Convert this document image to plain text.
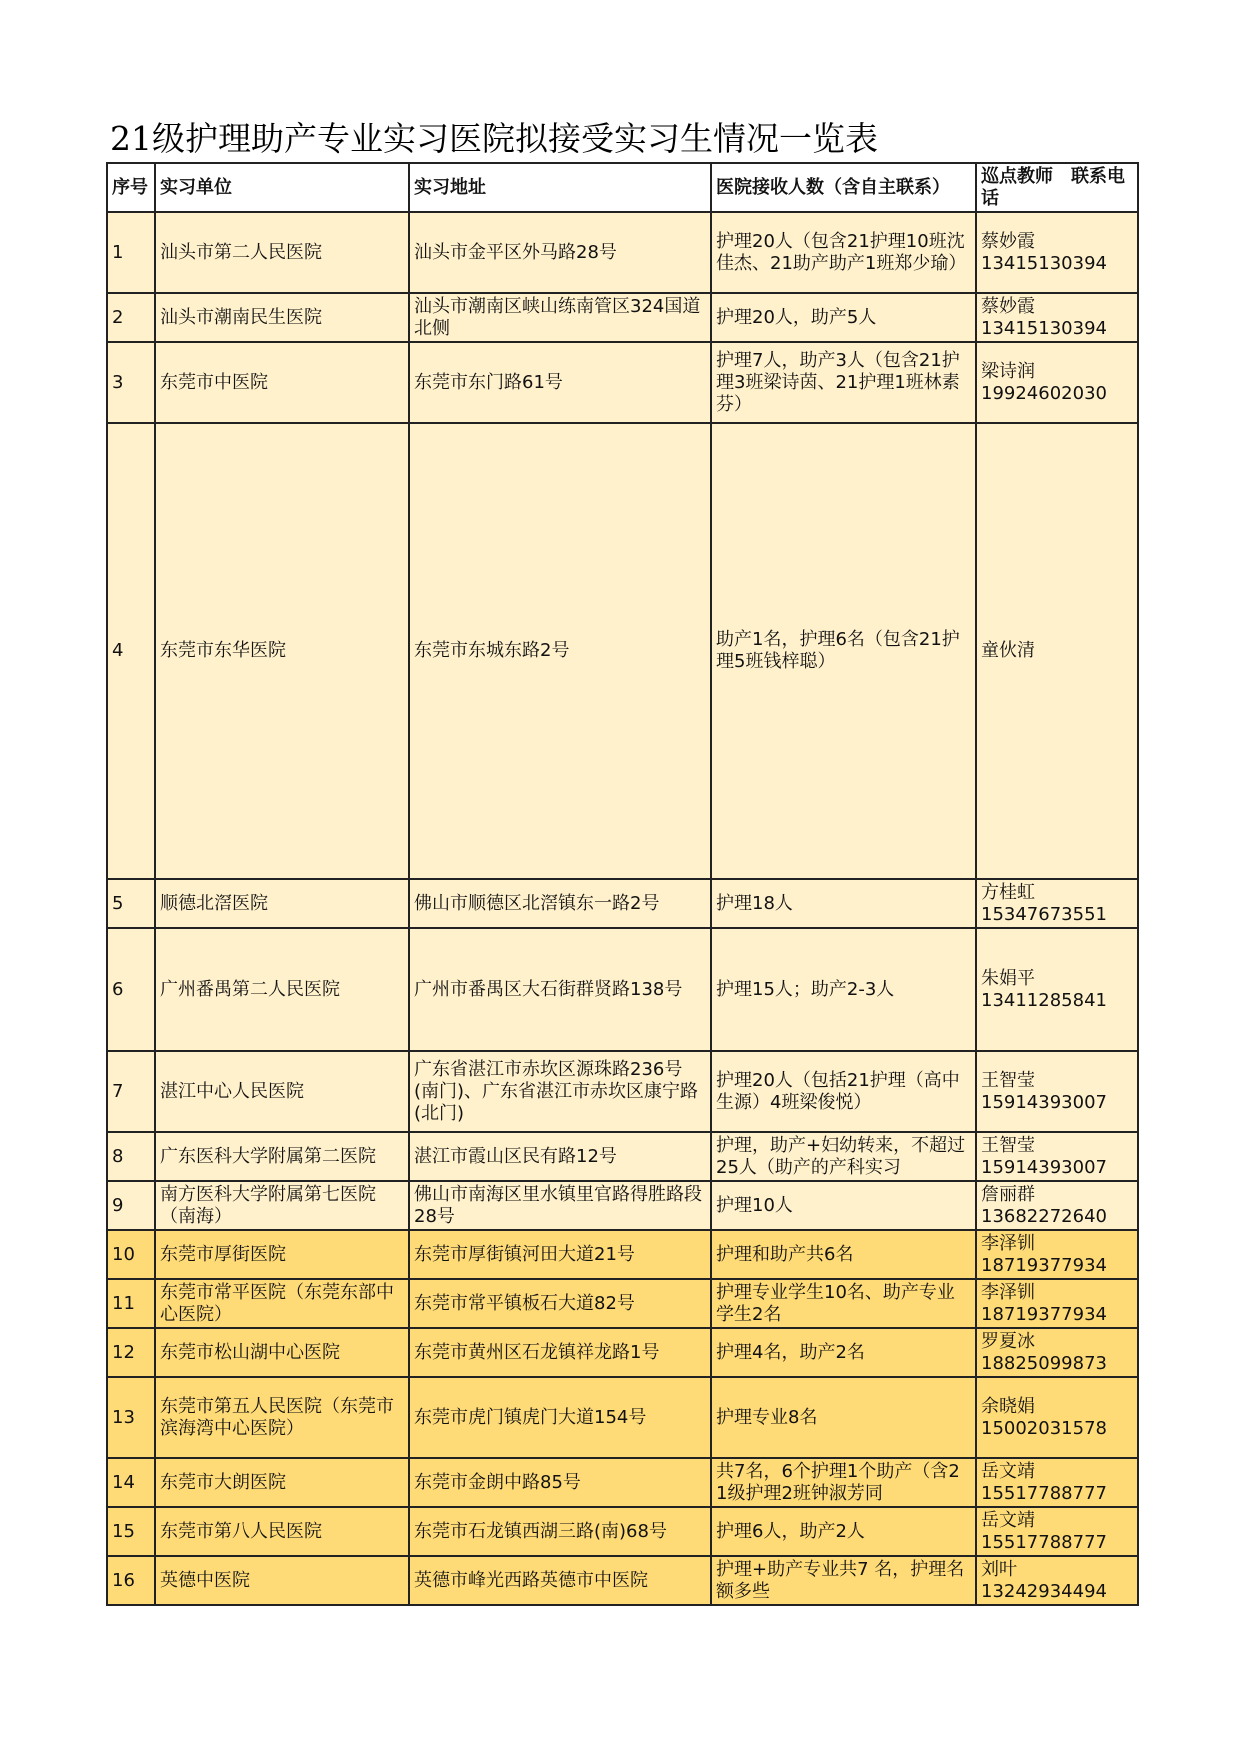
21级护理助产专业实习医院拟接受实习生情况一览表
序号	实习单位	实习地址	医院接收人数（含自主联系）	巡点教师　联系电话

1	汕头市第二人民医院	汕头市金平区外马路28号	护理20人（包含21护理10班沈佳杰、21助产助产1班郑少瑜）	蔡妙霞
13415130394

2	汕头市潮南民生医院	汕头市潮南区峡山练南管区324国道北侧	护理20人，助产5人	蔡妙霞
13415130394

3	东莞市中医院	东莞市东门路61号	护理7人，助产3人（包含21护理3班梁诗茵、21护理1班林素芬）	梁诗润
19924602030

4	东莞市东华医院	东莞市东城东路2号	助产1名，护理6名（包含21护理5班钱梓聪）	童伙清

5	顺德北滘医院	佛山市顺德区北滘镇东一路2号	护理18人	方桂虹
15347673551

6	广州番禺第二人民医院	广州市番禺区大石街群贤路138号	护理15人；助产2-3人	朱娟平
13411285841

7	湛江中心人民医院	广东省湛江市赤坎区源珠路236号(南门)、广东省湛江市赤坎区康宁路(北门)	护理20人（包括21护理（高中生源）4班梁俊悦）	王智莹
15914393007

8	广东医科大学附属第二医院	湛江市霞山区民有路12号	护理，助产+妇幼转来，不超过25人（助产的产科实习	王智莹
15914393007

9	南方医科大学附属第七医院（南海）	佛山市南海区里水镇里官路得胜路段28号	护理10人	詹丽群
13682272640

10	东莞市厚街医院	东莞市厚街镇河田大道21号	护理和助产共6名	李泽钏
18719377934

11	东莞市常平医院（东莞东部中心医院）	东莞市常平镇板石大道82号	护理专业学生10名、助产专业学生2名	李泽钏
18719377934

12	东莞市松山湖中心医院	东莞市黄州区石龙镇祥龙路1号	护理4名，助产2名	罗夏冰
18825099873

13	东莞市第五人民医院（东莞市滨海湾中心医院）	东莞市虎门镇虎门大道154号	护理专业8名	余晓娟
15002031578

14	东莞市大朗医院	东莞市金朗中路85号	共7名，6个护理1个助产（含21级护理2班钟淑芳同	岳文靖
15517788777

15	东莞市第八人民医院	东莞市石龙镇西湖三路(南)68号	护理6人，助产2人	岳文靖
15517788777

16	英德中医院	英德市峰光西路英德市中医院	护理+助产专业共7 名，护理名额多些	刘叶
13242934494
